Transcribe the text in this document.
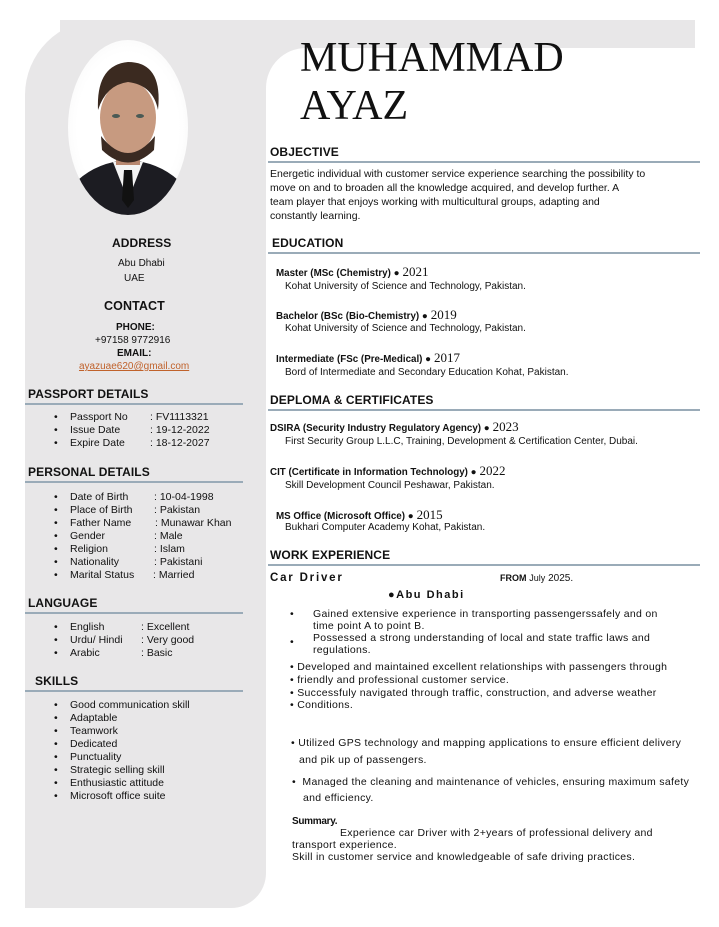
MUHAMMAD
AYAZ
ADDRESS
Abu Dhabi
UAE
CONTACT
PHONE:
+97158 9772916
EMAIL:
ayazuae620@gmail.com
PASSPORT DETAILS
• Passport No : FV1113321
• Issue Date	: 19-12-2022
• Expire Date : 18-12-2027
PERSONAL DETAILS
• Date of Birth : 10-04-1998
• Place of Birth : Pakistan
• Father Name : Munawar Khan
• Gender	: Male
• Religion	: Islam
• Nationality	: Pakistani
• Marital Status : Married
LANGUAGE
• English	: Excellent
• Urdu/ Hindi : Very good
• Arabic	: Basic
SKILLS
• Good communication skill
• Adaptable
• Teamwork
• Dedicated
• Punctuality
• Strategic selling skill
• Enthusiastic attitude
• Microsoft office suite
OBJECTIVE
Energetic individual with customer service experience searching the possibility to
move on and to broaden all the knowledge acquired, and develop further. A
team player that enjoys working with multicultural groups, adapting and
constantly learning.
EDUCATION
Master (MSc (Chemistry) ● 2021
Kohat University of Science and Technology, Pakistan.
Bachelor (BSc (Bio-Chemistry) ● 2019
Kohat University of Science and Technology, Pakistan.
Intermediate (FSc (Pre-Medical) ● 2017
Bord of Intermediate and Secondary Education Kohat, Pakistan.
DEPLOMA & CERTIFICATES
DSIRA (Security Industry Regulatory Agency) ● 2023
First Security Group L.L.C, Training, Development & Certification Center, Dubai.
CIT (Certificate in Information Technology) ● 2022
Skill Development Council Peshawar, Pakistan.
MS Office (Microsoft Office) ● 2015
Bukhari Computer Academy Kohat, Pakistan.
WORK EXPERIENCE
Car Driver	FROM July 2025.
●Abu Dhabi
• Gained extensive experience in transporting passengerssafely and on
time point A to point B.
• Possessed a strong understanding of local and state traffic laws and
regulations.
• Developed and maintained excellent relationships with passengers through
• friendly and professional customer service.
• Successfuly navigated through traffic, construction, and adverse weather
• Conditions.
• Utilized GPS technology and mapping applications to ensure efficient delivery
and pik up of passengers.
•  Managed the cleaning and maintenance of vehicles, ensuring maximum safety
and efficiency.
Summary.
Experience car Driver with 2+years of professional delivery and
transport experience.
Skill in customer service and knowledgeable of safe driving practices.
